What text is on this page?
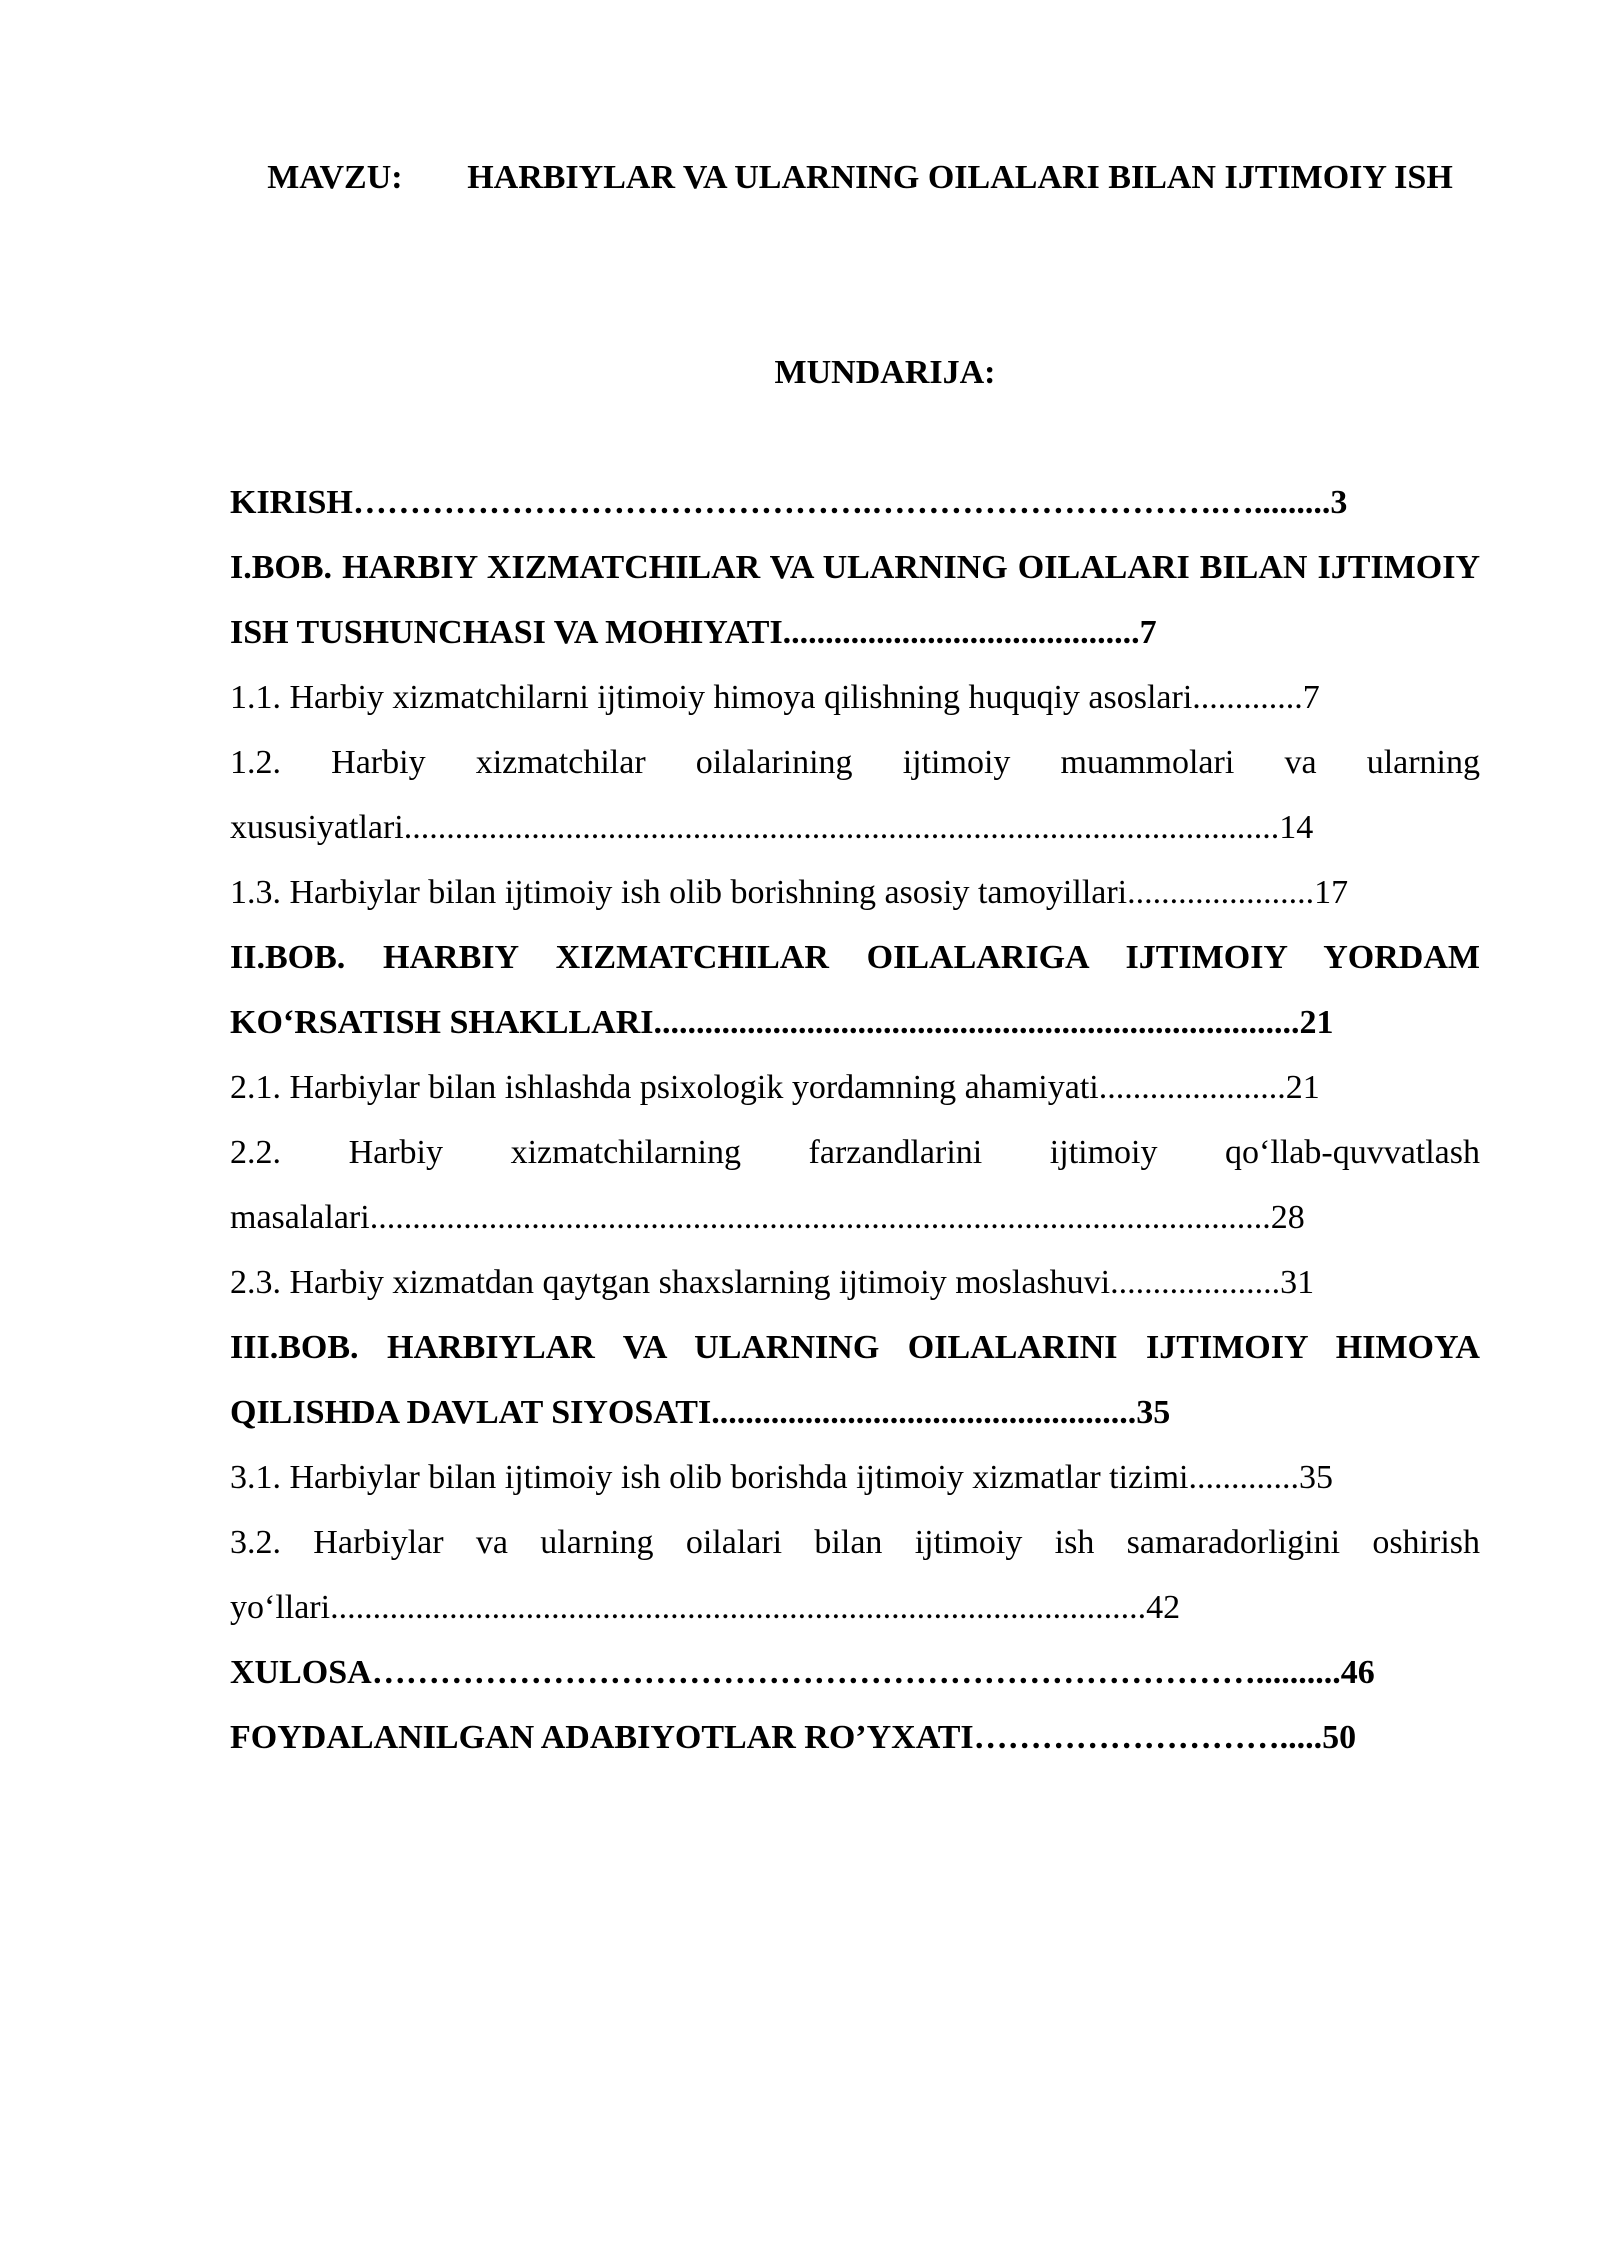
MAVZU: HARBIYLAR VA ULARNING OILALARI BILAN IJTIMOIY ISH
MUNDARIJA:

KIRISH……………………………………….………………………….….........3

I.BOB. HARBIY XIZMATCHILAR VA ULARNING OILALARI BILAN IJTIMOIY ISH TUSHUNCHASI VA MOHIYATI..........................................7

1.1. Harbiy xizmatchilarni ijtimoiy himoya qilishning huquqiy asoslari.............7

1.2. Harbiy xizmatchilar oilalarining ijtimoiy muammolari va ularning xususiyatlari.......................................................................................................14

1.3. Harbiylar bilan ijtimoiy ish olib borishning asosiy tamoyillari......................17

II.BOB. HARBIY XIZMATCHILAR OILALARIGA IJTIMOIY YORDAM KO‘RSATISH SHAKLLARI............................................................................21

2.1. Harbiylar bilan ishlashda psixologik yordamning ahamiyati......................21

2.2. Harbiy xizmatchilarning farzandlarini ijtimoiy qo‘llab-quvvatlash masalalari..........................................................................................................28

2.3. Harbiy xizmatdan qaytgan shaxslarning ijtimoiy moslashuvi....................31

III.BOB. HARBIYLAR VA ULARNING OILALARINI IJTIMOIY HIMOYA QILISHDA DAVLAT SIYOSATI..................................................35

3.1. Harbiylar bilan ijtimoiy ish olib borishda ijtimoiy xizmatlar tizimi.............35

3.2. Harbiylar va ularning oilalari bilan ijtimoiy ish samaradorligini oshirish yo‘llari................................................................................................42

XULOSA……………………………………………………………………..........46

FOYDALANILGAN ADABIYOTLAR RO’YXATI……………………….....50
